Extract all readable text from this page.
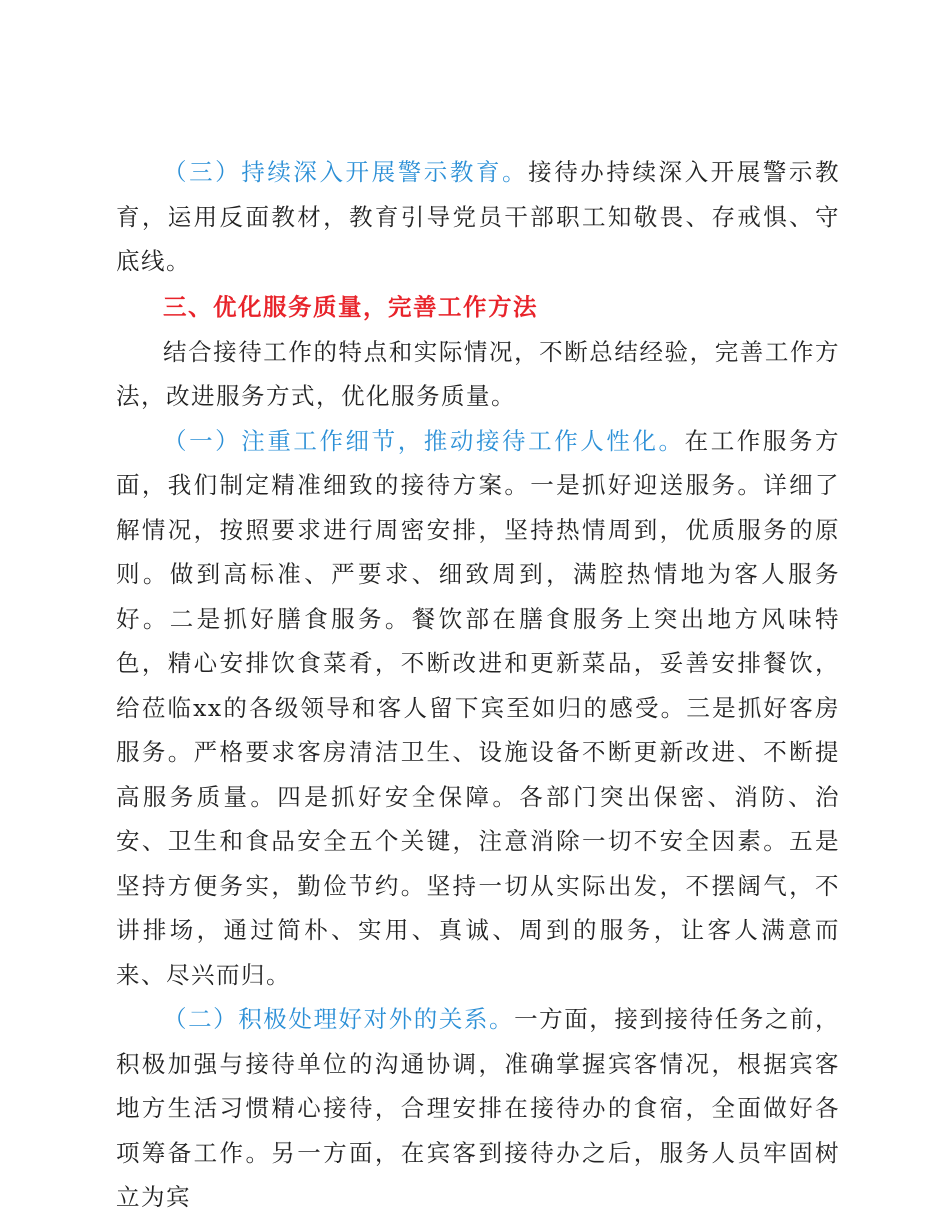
（三）持续深入开展警示教育。接待办持续深入开展警示教育，运用反面教材，教育引导党员干部职工知敬畏、存戒惧、守底线。

三、优化服务质量，完善工作方法

结合接待工作的特点和实际情况，不断总结经验，完善工作方法，改进服务方式，优化服务质量。

（一）注重工作细节，推动接待工作人性化。在工作服务方面，我们制定精准细致的接待方案。一是抓好迎送服务。详细了解情况，按照要求进行周密安排，坚持热情周到，优质服务的原则。做到高标准、严要求、细致周到，满腔热情地为客人服务好。二是抓好膳食服务。餐饮部在膳食服务上突出地方风味特色，精心安排饮食菜肴，不断改进和更新菜品，妥善安排餐饮，给莅临xx的各级领导和客人留下宾至如归的感受。三是抓好客房服务。严格要求客房清洁卫生、设施设备不断更新改进、不断提高服务质量。四是抓好安全保障。各部门突出保密、消防、治安、卫生和食品安全五个关键，注意消除一切不安全因素。五是坚持方便务实，勤俭节约。坚持一切从实际出发，不摆阔气，不讲排场，通过简朴、实用、真诚、周到的服务，让客人满意而来、尽兴而归。

（二）积极处理好对外的关系。一方面，接到接待任务之前，积极加强与接待单位的沟通协调，准确掌握宾客情况，根据宾客地方生活习惯精心接待，合理安排在接待办的食宿，全面做好各项筹备工作。另一方面，在宾客到接待办之后，服务人员牢固树立为宾
